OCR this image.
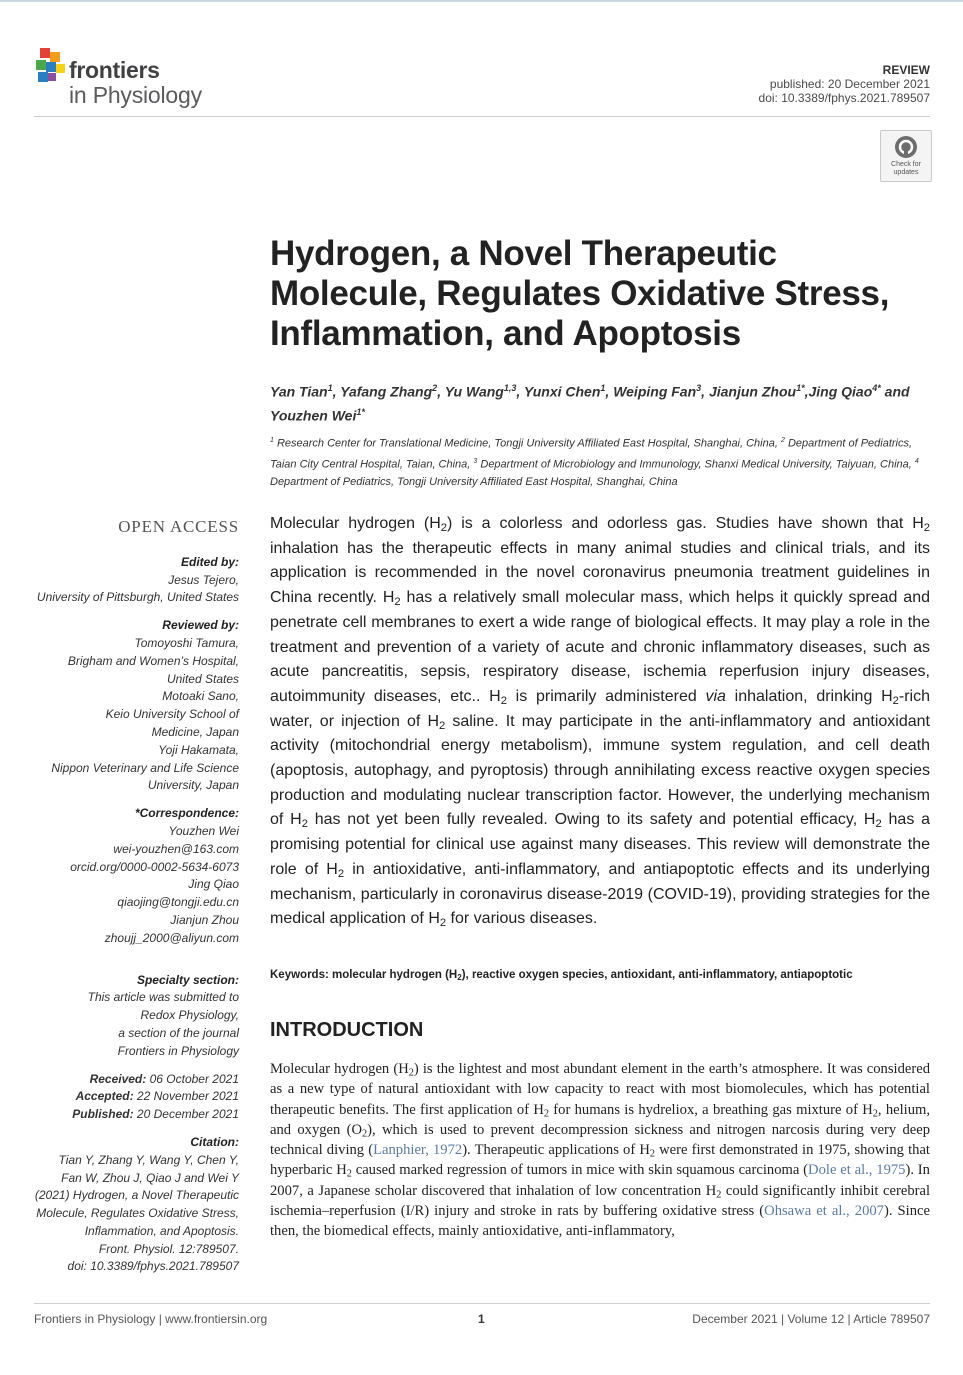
frontiers
in Physiology
REVIEW
published: 20 December 2021
doi: 10.3389/fphys.2021.789507
Check for
updates
Hydrogen, a Novel Therapeutic Molecule, Regulates Oxidative Stress, Inflammation, and Apoptosis
Yan Tian$^1$, Yafang Zhang$^2$, Yu Wang$^{1,3}$, Yunxi Chen$^1$, Weiping Fan$^3$, Jianjun Zhou$^{1*}$,Jing Qiao$^{4*}$ and Youzhen Wei$^{1*}$
$^1$ Research Center for Translational Medicine, Tongji University Affiliated East Hospital, Shanghai, China, $^2$ Department of Pediatrics, Taian City Central Hospital, Taian, China, $^3$ Department of Microbiology and Immunology, Shanxi Medical University, Taiyuan, China, $^4$ Department of Pediatrics, Tongji University Affiliated East Hospital, Shanghai, China
OPEN ACCESS
Edited by:
Jesus Tejero,
University of Pittsburgh, United States
Reviewed by:
Tomoyoshi Tamura,
Brigham and Women’s Hospital,
United States
Motoaki Sano,
Keio University School of
Medicine, Japan
Yoji Hakamata,
Nippon Veterinary and Life Science
University, Japan
*Correspondence:
Youzhen Wei
wei-youzhen@163.com
orcid.org/0000-0002-5634-6073
Jing Qiao
qiaojing@tongji.edu.cn
Jianjun Zhou
zhoujj_2000@aliyun.com
Specialty section:
This article was submitted to
Redox Physiology,
a section of the journal
Frontiers in Physiology
Received: 06 October 2021
Accepted: 22 November 2021
Published: 20 December 2021
Citation:
Tian Y, Zhang Y, Wang Y, Chen Y,
Fan W, Zhou J, Qiao J and Wei Y
(2021) Hydrogen, a Novel Therapeutic
Molecule, Regulates Oxidative Stress,
Inflammation, and Apoptosis.
Front. Physiol. 12:789507.
doi: 10.3389/fphys.2021.789507
Molecular hydrogen $(H_2)$ is a colorless and odorless gas. Studies have shown that $H_2$ inhalation has the therapeutic effects in many animal studies and clinical trials, and its application is recommended in the novel coronavirus pneumonia treatment guidelines in China recently. $H_2$ has a relatively small molecular mass, which helps it quickly spread and penetrate cell membranes to exert a wide range of biological effects. It may play a role in the treatment and prevention of a variety of acute and chronic inflammatory diseases, such as acute pancreatitis, sepsis, respiratory disease, ischemia reperfusion injury diseases, autoimmunity diseases, etc.. $H_2$ is primarily administered via inhalation, drinking $H_2$-rich water, or injection of $H_2$ saline. It may participate in the anti-inflammatory and antioxidant activity (mitochondrial energy metabolism), immune system regulation, and cell death (apoptosis, autophagy, and pyroptosis) through annihilating excess reactive oxygen species production and modulating nuclear transcription factor. However, the underlying mechanism of $H_2$ has not yet been fully revealed. Owing to its safety and potential efficacy, $H_2$ has a promising potential for clinical use against many diseases. This review will demonstrate the role of $H_2$ in antioxidative, anti-inflammatory, and antiapoptotic effects and its underlying mechanism, particularly in coronavirus disease-2019 (COVID-19), providing strategies for the medical application of $H_2$ for various diseases.
Keywords: molecular hydrogen $(H_2)$, reactive oxygen species, antioxidant, anti-inflammatory, antiapoptotic
INTRODUCTION
Molecular hydrogen $(H_2)$ is the lightest and most abundant element in the earth’s atmosphere. It was considered as a new type of natural antioxidant with low capacity to react with most biomolecules, which has potential therapeutic benefits. The first application of $H_2$ for humans is hydreliox, a breathing gas mixture of $H_2$, helium, and oxygen $(O_2)$, which is used to prevent decompression sickness and nitrogen narcosis during very deep technical diving (Lanphier, 1972). Therapeutic applications of $H_2$ were first demonstrated in 1975, showing that hyperbaric $H_2$ caused marked regression of tumors in mice with skin squamous carcinoma (Dole et al., 1975). In 2007, a Japanese scholar discovered that inhalation of low concentration $H_2$ could significantly inhibit cerebral ischemia–reperfusion (I/R) injury and stroke in rats by buffering oxidative stress (Ohsawa et al., 2007). Since then, the biomedical effects, mainly antioxidative, anti-inflammatory,
Frontiers in Physiology | www.frontiersin.org	1	December 2021 | Volume 12 | Article 789507
